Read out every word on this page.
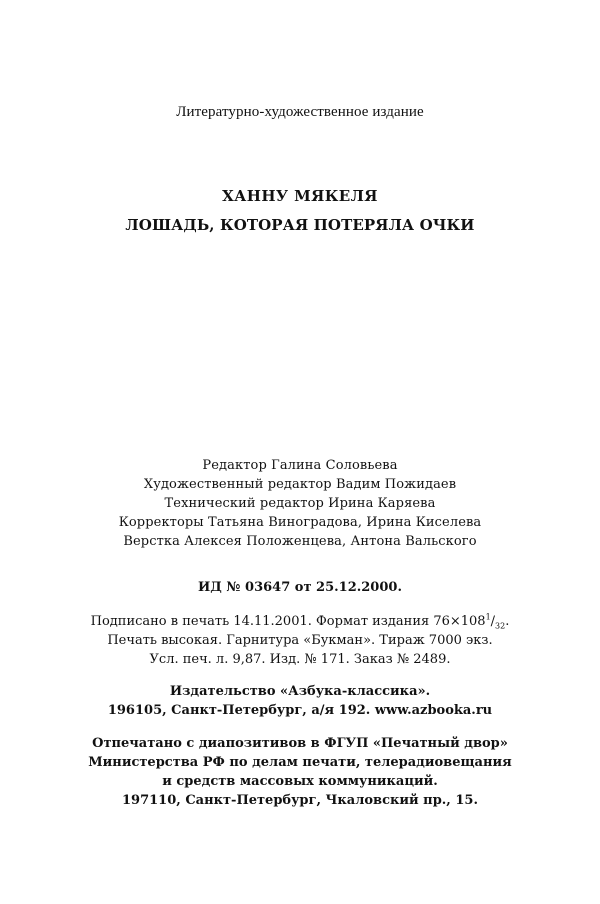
Литературно-художественное издание
ХАННУ МЯКЕЛЯ
ЛОШАДЬ, КОТОРАЯ ПОТЕРЯЛА ОЧКИ
Редактор Галина Соловьева
Художественный редактор Вадим Пожидаев
Технический редактор Ирина Каряева
Корректоры Татьяна Виноградова, Ирина Киселева
Верстка Алексея Положенцева, Антона Вальского
ИД № 03647 от 25.12.2000.
Подписано в печать 14.11.2001. Формат издания $76\times 108^1/_{32}$.
Печать высокая. Гарнитура «Букман». Тираж 7000 экз.
Усл. печ. л. 9,87. Изд. № 171. Заказ № 2489.
Издательство «Азбука-классика».
196105, Санкт-Петербург, а/я 192. www.azbooka.ru
Отпечатано с диапозитивов в ФГУП «Печатный двор»
Министерства РФ по делам печати, телерадиовещания
и средств массовых коммуникаций.
197110, Санкт-Петербург, Чкаловский пр., 15.
